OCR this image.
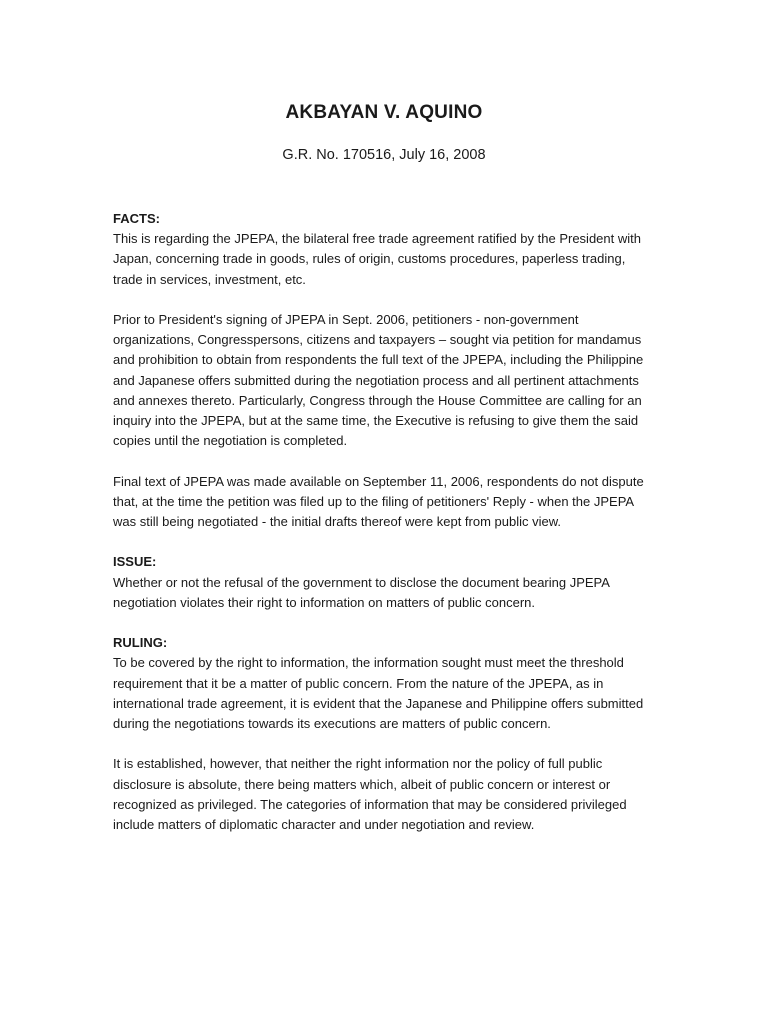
AKBAYAN V. AQUINO
G.R. No. 170516, July 16, 2008

FACTS:

This is regarding the JPEPA, the bilateral free trade agreement ratified by the President with Japan, concerning trade in goods, rules of origin, customs procedures, paperless trading, trade in services, investment, etc.

Prior to President's signing of JPEPA in Sept. 2006, petitioners - non-government organizations, Congresspersons, citizens and taxpayers – sought via petition for mandamus and prohibition to obtain from respondents the full text of the JPEPA, including the Philippine and Japanese offers submitted during the negotiation process and all pertinent attachments and annexes thereto. Particularly, Congress through the House Committee are calling for an inquiry into the JPEPA, but at the same time, the Executive is refusing to give them the said copies until the negotiation is completed.

Final text of JPEPA was made available on September 11, 2006, respondents do not dispute that, at the time the petition was filed up to the filing of petitioners' Reply - when the JPEPA was still being negotiated - the initial drafts thereof were kept from public view.

ISSUE:

Whether or not the refusal of the government to disclose the document bearing JPEPA negotiation violates their right to information on matters of public concern.

RULING:

To be covered by the right to information, the information sought must meet the threshold requirement that it be a matter of public concern. From the nature of the JPEPA, as in international trade agreement, it is evident that the Japanese and Philippine offers submitted during the negotiations towards its executions are matters of public concern.

It is established, however, that neither the right information nor the policy of full public disclosure is absolute, there being matters which, albeit of public concern or interest or recognized as privileged. The categories of information that may be considered privileged include matters of diplomatic character and under negotiation and review.
